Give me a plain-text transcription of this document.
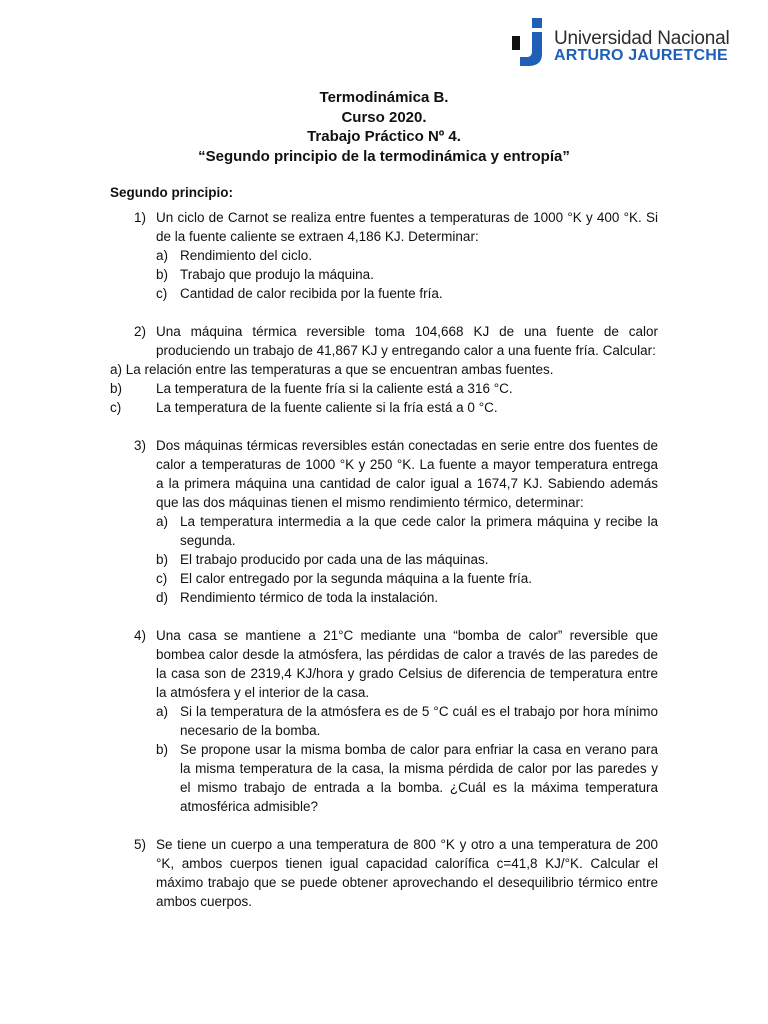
Universidad Nacional
ARTURO JAURETCHE
Termodinámica B.
Curso 2020.
Trabajo Práctico Nº 4.
“Segundo principio de la termodinámica y entropía”
Segundo principio:
1) Un ciclo de Carnot se realiza entre fuentes a temperaturas de 1000 °K y 400 °K. Si de la fuente caliente se extraen 4,186 KJ. Determinar:
a) Rendimiento del ciclo.
b) Trabajo que produjo la máquina.
c) Cantidad de calor recibida por la fuente fría.
2) Una máquina térmica reversible toma 104,668 KJ de una fuente de calor produciendo un trabajo de 41,867 KJ y entregando calor a una fuente fría. Calcular:
a) La relación entre las temperaturas a que se encuentran ambas fuentes.
b)	La temperatura de la fuente fría si la caliente está a 316 °C.
c)	La temperatura de la fuente caliente si la fría está a 0 °C.
3) Dos máquinas térmicas reversibles están conectadas en serie entre dos fuentes de calor a temperaturas de 1000 °K y 250 °K. La fuente a mayor temperatura entrega a la primera máquina una cantidad de calor igual a 1674,7 KJ. Sabiendo además que las dos máquinas tienen el mismo rendimiento térmico, determinar:
a) La temperatura intermedia a la que cede calor la primera máquina y recibe la segunda.
b) El trabajo producido por cada una de las máquinas.
c) El calor entregado por la segunda máquina a la fuente fría.
d) Rendimiento térmico de toda la instalación.
4) Una casa se mantiene a 21°C mediante una “bomba de calor” reversible que bombea calor desde la atmósfera, las pérdidas de calor a través de las paredes de la casa son de 2319,4 KJ/hora y grado Celsius de diferencia de temperatura entre la atmósfera y el interior de la casa.
a) Si la temperatura de la atmósfera es de 5 °C cuál es el trabajo por hora mínimo necesario de la bomba.
b) Se propone usar la misma bomba de calor para enfriar la casa en verano para la misma temperatura de la casa, la misma pérdida de calor por las paredes y el mismo trabajo de entrada a la bomba. ¿Cuál es la máxima temperatura atmosférica admisible?
5) Se tiene un cuerpo a una temperatura de 800 °K y otro a una temperatura de 200 °K, ambos cuerpos tienen igual capacidad calorífica c=41,8 KJ/°K. Calcular el máximo trabajo que se puede obtener aprovechando el desequilibrio térmico entre ambos cuerpos.
